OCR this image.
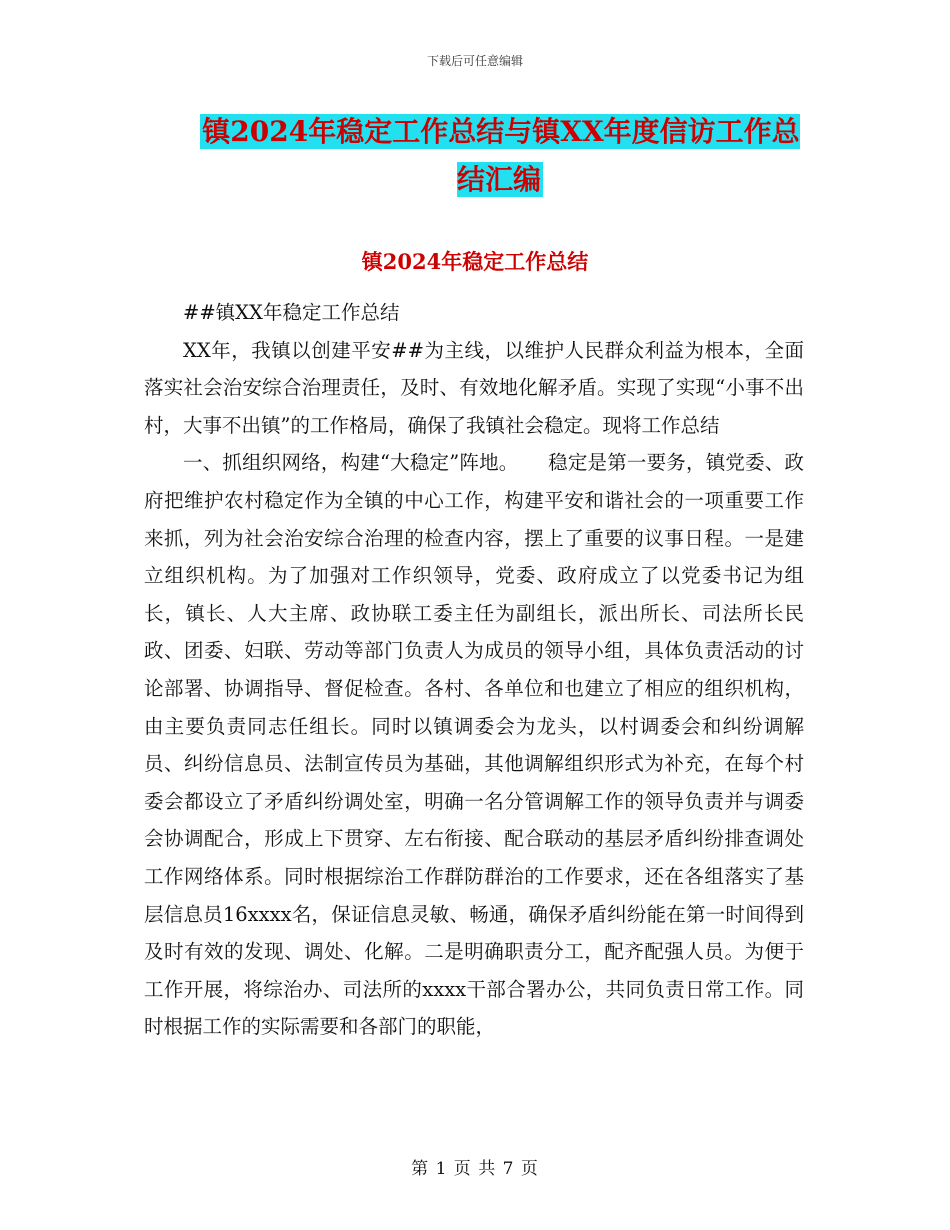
下载后可任意编辑
镇2024年稳定工作总结与镇XX年度信访工作总结汇编
镇2024年稳定工作总结

##镇XX年稳定工作总结

XX年，我镇以创建平安##为主线，以维护人民群众利益为根本，全面落实社会治安综合治理责任，及时、有效地化解矛盾。实现了实现“小事不出村，大事不出镇”的工作格局，确保了我镇社会稳定。现将工作总结

一、抓组织网络，构建“大稳定”阵地。　　稳定是第一要务，镇党委、政府把维护农村稳定作为全镇的中心工作，构建平安和谐社会的一项重要工作来抓，列为社会治安综合治理的检查内容，摆上了重要的议事日程。一是建立组织机构。为了加强对工作织领导，党委、政府成立了以党委书记为组长，镇长、人大主席、政协联工委主任为副组长，派出所长、司法所长民政、团委、妇联、劳动等部门负责人为成员的领导小组，具体负责活动的讨论部署、协调指导、督促检查。各村、各单位和也建立了相应的组织机构，由主要负责同志任组长。同时以镇调委会为龙头，以村调委会和纠纷调解员、纠纷信息员、法制宣传员为基础，其他调解组织形式为补充，在每个村委会都设立了矛盾纠纷调处室，明确一名分管调解工作的领导负责并与调委会协调配合，形成上下贯穿、左右衔接、配合联动的基层矛盾纠纷排查调处工作网络体系。同时根据综治工作群防群治的工作要求，还在各组落实了基层信息员16xxxx名，保证信息灵敏、畅通，确保矛盾纠纷能在第一时间得到及时有效的发现、调处、化解。二是明确职责分工，配齐配强人员。为便于工作开展，将综治办、司法所的xxxx干部合署办公，共同负责日常工作。同时根据工作的实际需要和各部门的职能，

第 1 页 共 7 页
